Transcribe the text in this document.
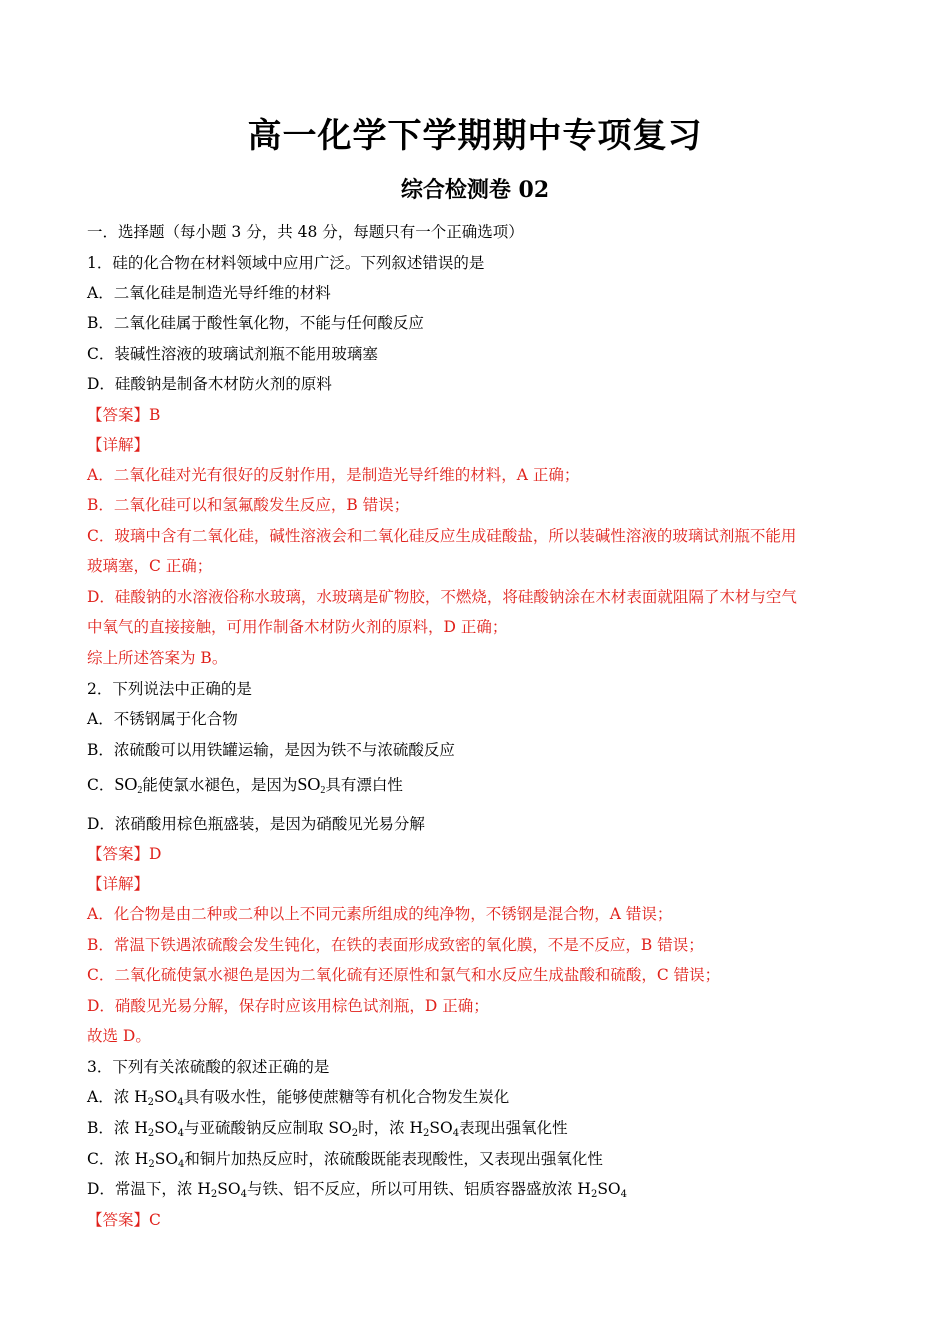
高一化学下学期期中专项复习
综合检测卷 02
一．选择题（每小题 3 分，共 48 分，每题只有一个正确选项）
1．硅的化合物在材料领域中应用广泛。下列叙述错误的是
A．二氧化硅是制造光导纤维的材料
B．二氧化硅属于酸性氧化物，不能与任何酸反应
C．装碱性溶液的玻璃试剂瓶不能用玻璃塞
D．硅酸钠是制备木材防火剂的原料
【答案】B
【详解】
A．二氧化硅对光有很好的反射作用，是制造光导纤维的材料，A 正确；
B．二氧化硅可以和氢氟酸发生反应，B 错误；
C．玻璃中含有二氧化硅，碱性溶液会和二氧化硅反应生成硅酸盐，所以装碱性溶液的玻璃试剂瓶不能用
玻璃塞，C 正确；
D．硅酸钠的水溶液俗称水玻璃，水玻璃是矿物胶，不燃烧，将硅酸钠涂在木材表面就阻隔了木材与空气
中氧气的直接接触，可用作制备木材防火剂的原料，D 正确；
综上所述答案为 B。
2．下列说法中正确的是
A．不锈钢属于化合物
B．浓硫酸可以用铁罐运输，是因为铁不与浓硫酸反应
C．$SO_2$能使氯水褪色，是因为$SO_2$具有漂白性
D．浓硝酸用棕色瓶盛装，是因为硝酸见光易分解
【答案】D
【详解】
A．化合物是由二种或二种以上不同元素所组成的纯净物，不锈钢是混合物，A 错误；
B．常温下铁遇浓硫酸会发生钝化，在铁的表面形成致密的氧化膜，不是不反应，B 错误；
C．二氧化硫使氯水褪色是因为二氧化硫有还原性和氯气和水反应生成盐酸和硫酸，C 错误；
D．硝酸见光易分解，保存时应该用棕色试剂瓶，D 正确；
故选 D。
3．下列有关浓硫酸的叙述正确的是
A．浓 $H_2SO_4$具有吸水性，能够使蔗糖等有机化合物发生炭化
B．浓 $H_2SO_4$与亚硫酸钠反应制取 $SO_2$时，浓 $H_2SO_4$表现出强氧化性
C．浓 $H_2SO_4$和铜片加热反应时，浓硫酸既能表现酸性，又表现出强氧化性
D．常温下，浓 $H_2SO_4$与铁、铝不反应，所以可用铁、铝质容器盛放浓 $H_2SO_4$
【答案】C
